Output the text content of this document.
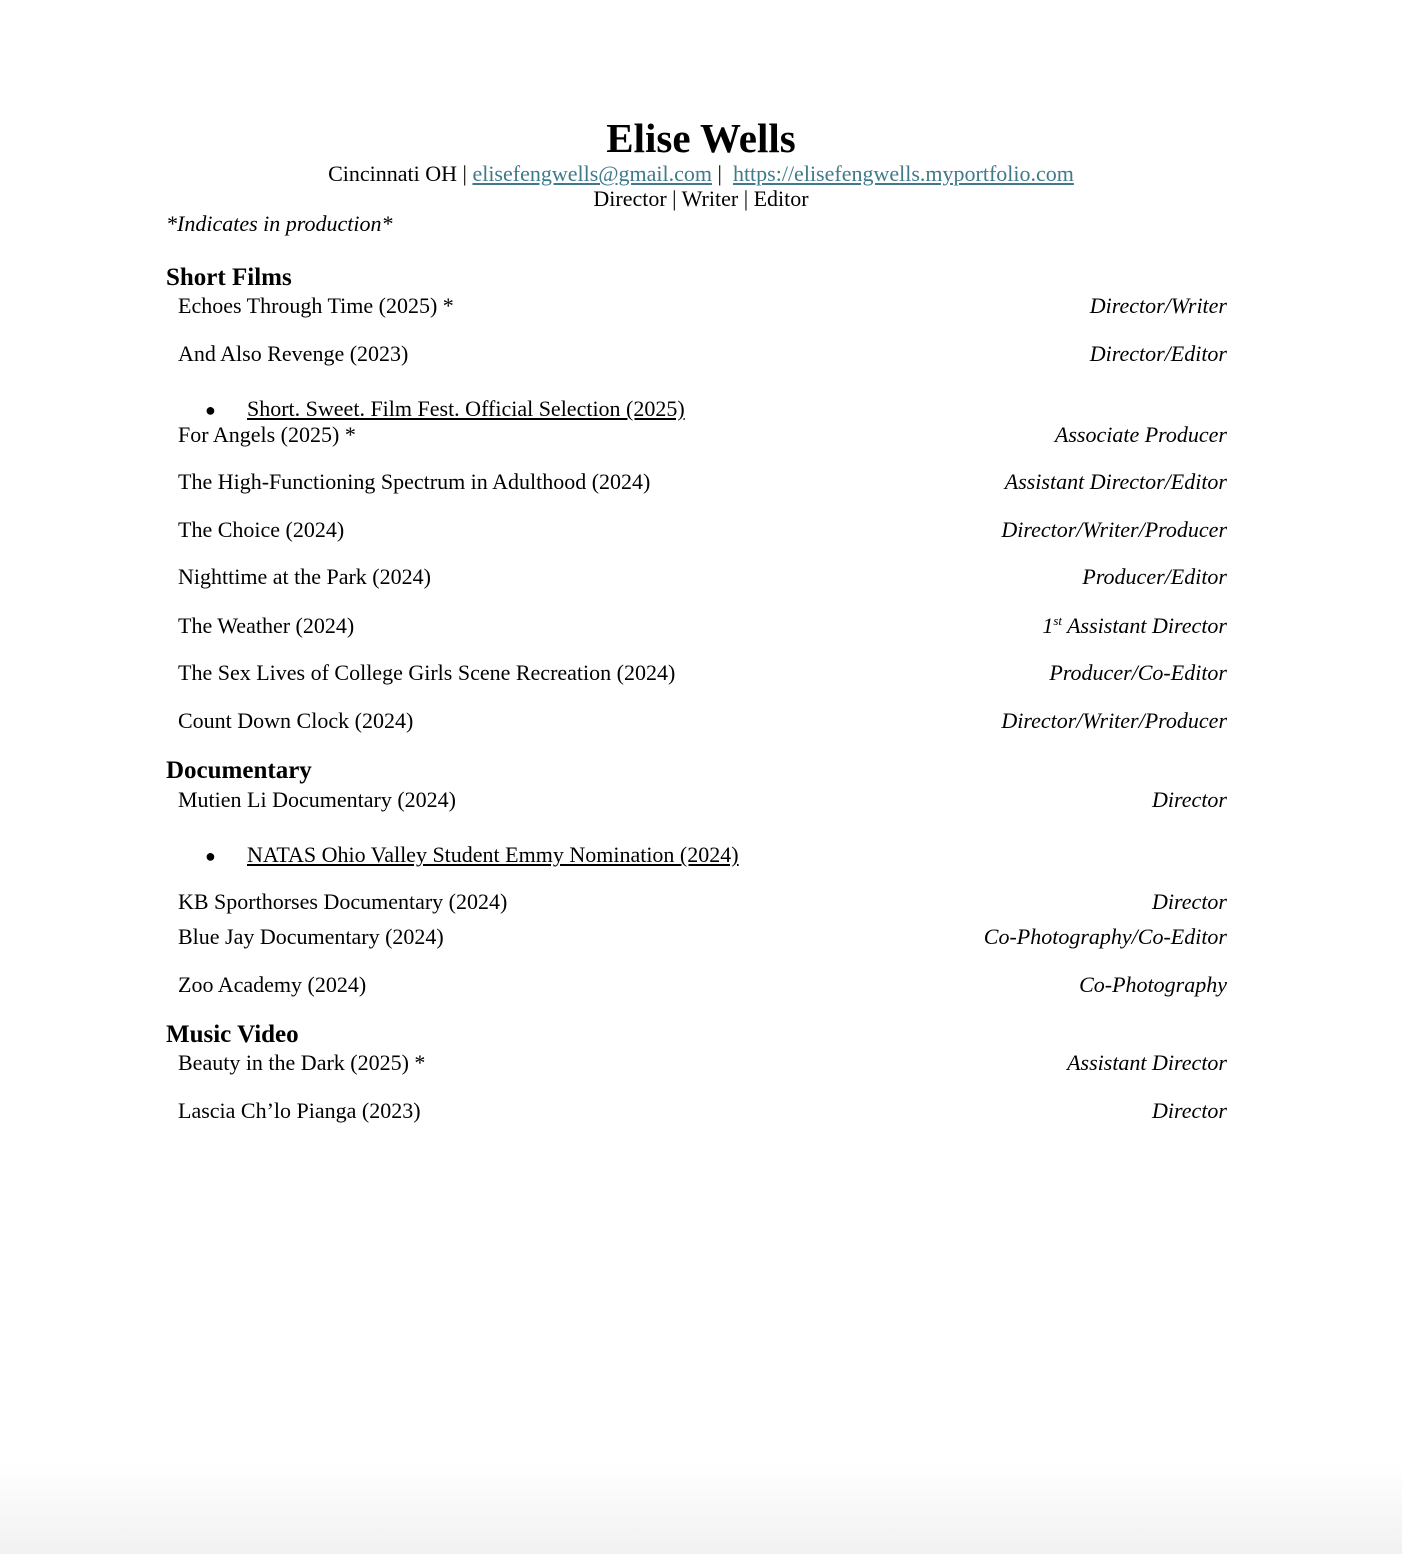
Elise Wells
Cincinnati OH | elisefengwells@gmail.com |  https://elisefengwells.myportfolio.com
Director | Writer | Editor
*Indicates in production*
Short Films
Echoes Through Time (2025) *	Director/Writer
And Also Revenge (2023)	Director/Editor
● Short. Sweet. Film Fest. Official Selection (2025)
For Angels (2025) *	Associate Producer
The High-Functioning Spectrum in Adulthood (2024)	Assistant Director/Editor
The Choice (2024)	Director/Writer/Producer
Nighttime at the Park (2024)	Producer/Editor
The Weather (2024)	1st Assistant Director
The Sex Lives of College Girls Scene Recreation (2024)	Producer/Co-Editor
Count Down Clock (2024)	Director/Writer/Producer
Documentary
Mutien Li Documentary (2024)	Director
● NATAS Ohio Valley Student Emmy Nomination (2024)
KB Sporthorses Documentary (2024)	Director
Blue Jay Documentary (2024)	Co-Photography/Co-Editor
Zoo Academy (2024)	Co-Photography
Music Video
Beauty in the Dark (2025) *	Assistant Director
Lascia Ch’lo Pianga (2023)	Director
